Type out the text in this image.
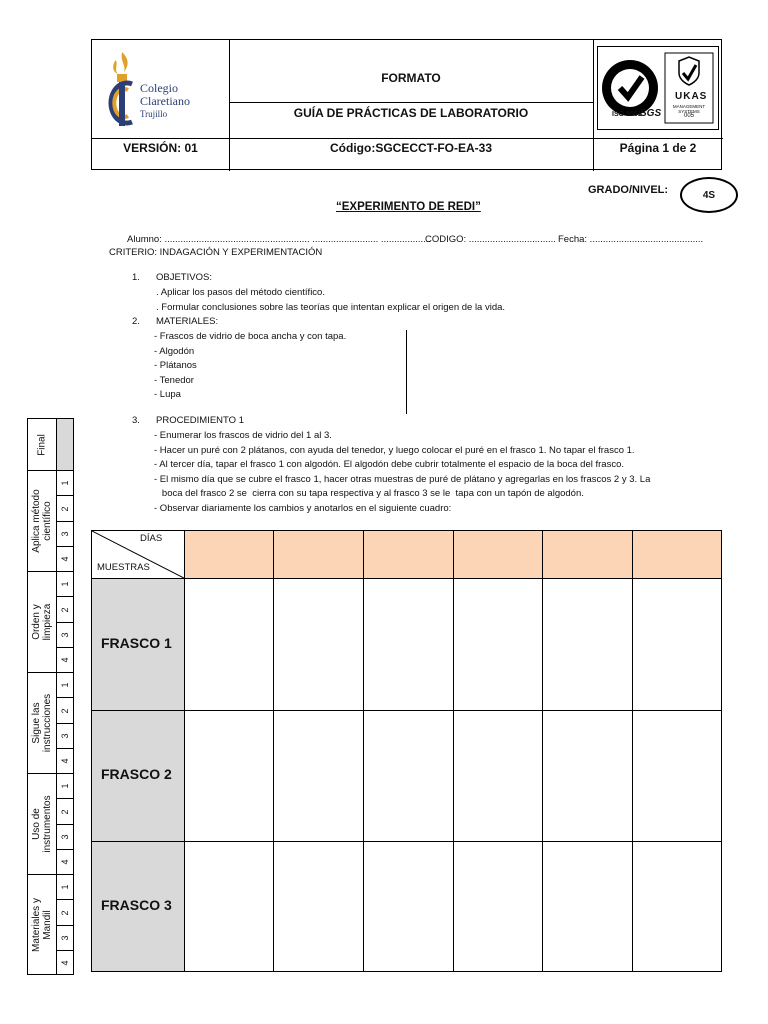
Colegio
Claretiano
Trujillo
FORMATO
GUÍA DE PRÁCTICAS DE LABORATORIO
VERSIÓN: 01	Código:SGCECCT-FO-EA-33	Página 1 de 2
ISO 9001
SGS
UKAS
MANAGEMENT SYSTEMS
005
GRADO/NIVEL:	4S
“EXPERIMENTO DE REDI”
Alumno: ....................................................... ......................... ...................
CODIGO: ................................. Fecha: ...........................................
CRITERIO: INDAGACIÓN Y EXPERIMENTACIÓN
1. OBJETIVOS:
. Aplicar los pasos del método científico.
. Formular conclusiones sobre las teorías que intentan explicar el origen de la vida.
2. MATERIALES:
- Frascos de vidrio de boca ancha y con tapa.
- Algodón
- Plátanos
- Tenedor
- Lupa
3. PROCEDIMIENTO 1
- Enumerar los frascos de vidrio del 1 al 3.
- Hacer un puré con 2 plátanos, con ayuda del tenedor, y luego colocar el puré en el frasco 1. No tapar el frasco 1.
- Al tercer día, tapar el frasco 1 con algodón. El algodón debe cubrir totalmente el espacio de la boca del frasco.
- El mismo día que se cubre el frasco 1, hacer otras muestras de puré de plátano y agregarlas en los frascos 2 y 3. La
boca del frasco 2 se  cierra con su tapa respectiva y al frasco 3 se le  tapa con un tapón de algodón.
- Observar diariamente los cambios y anotarlos en el siguiente cuadro:
Final
Aplica método científico
1
2
3
4
Orden y limpieza
1
2
3
4
Sigue las instrucciones
1
2
3
4
Uso de instrumentos
1
2
3
4
Materiales y Mandil
1
2
3
4
DÍAS
MUESTRAS
FRASCO 1
FRASCO 2
FRASCO 3
